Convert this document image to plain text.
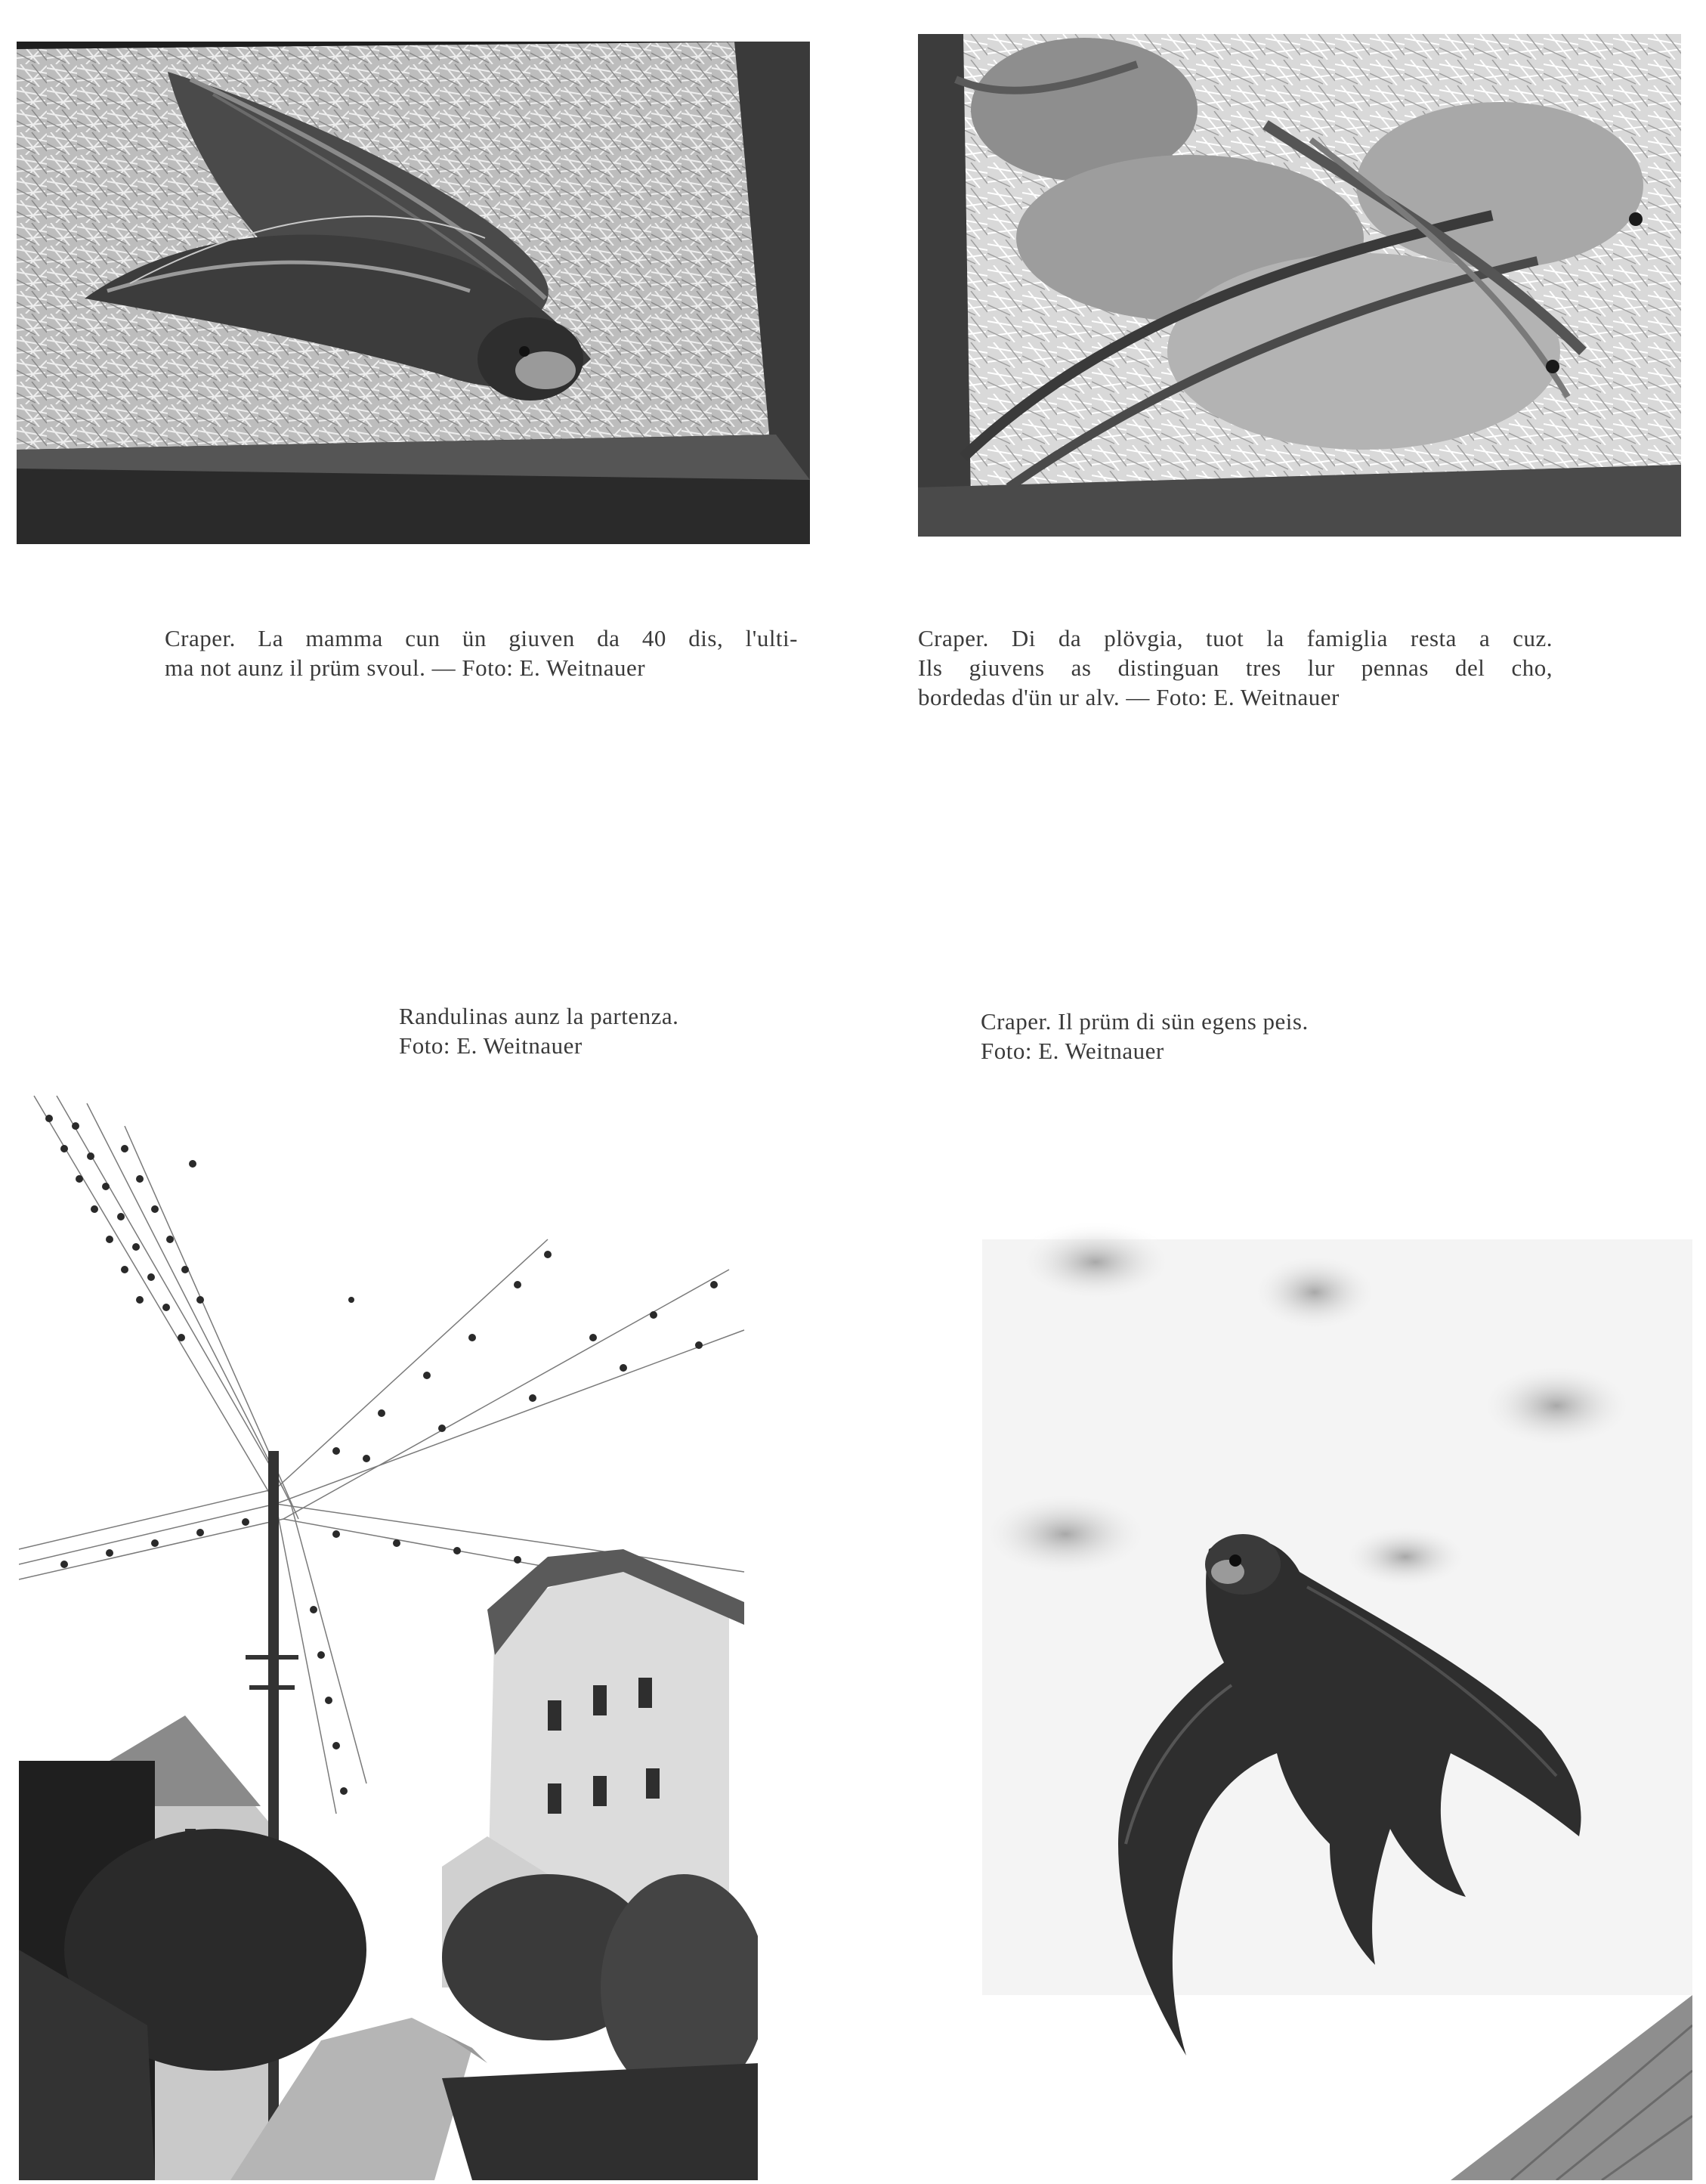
Craper. La mamma cun ün giuven da 40 dis, l'ulti-
ma not aunz il prüm svoul. — Foto: E. Weitnauer
Craper. Di da plövgia, tuot la famiglia resta a cuz.
Ils giuvens as distinguan tres lur pennas del cho,
bordedas d'ün ur alv. — Foto: E. Weitnauer
Randulinas aunz la partenza.
Foto: E. Weitnauer
Craper. Il prüm di sün egens peis.
Foto: E. Weitnauer
